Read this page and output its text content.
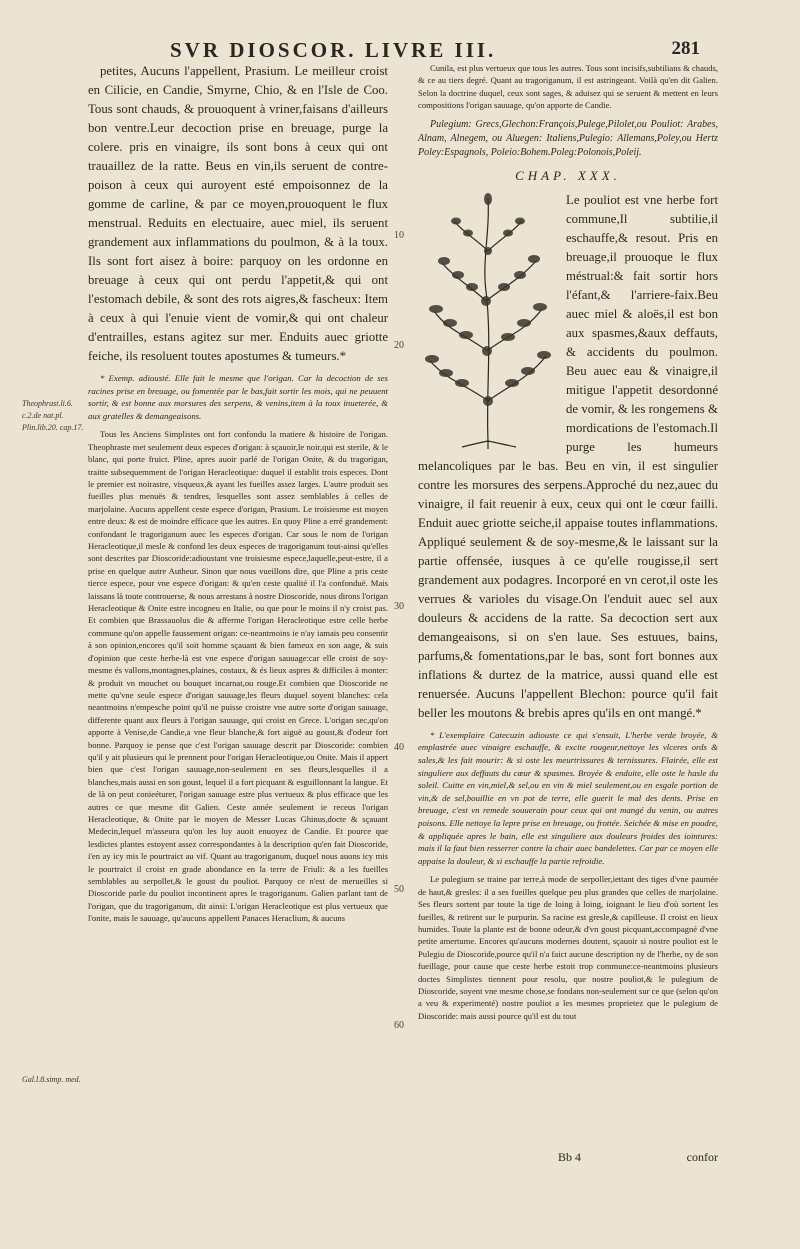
SVR DIOSCOR. LIVRE III.	281

petites, Aucuns l'appellent, Prasium. Le meilleur croist en Cilicie, en Candie, Smyrne, Chio, & en l'Isle de Coo. Tous sont chauds, & prouoquent à vriner,faisans d'ailleurs bon ventre.Leur decoction prise en breuage, purge la colere. pris en vinaigre, ils sont bons à ceux qui ont trauaillez de la ratte. Beus en vin,ils seruent de contre-poison à ceux qui auroyent esté empoisonnez de la gomme de carline, & par ce moyen,prouoquent le flux menstrual. Reduits en electuaire, auec miel, ils seruent grandement aux inflammations du poulmon, & à la toux. Ils sont fort aisez à boire: parquoy on les ordonne en breuage à ceux qui ont perdu l'appetit,& qui ont l'estomach debile, & sont des rots aigres,& fascheux: Item à ceux à qui l'enuie vient de vomir,& qui ont chaleur d'entrailles, estans agitez sur mer. Enduits auec griotte feiche, ils resoluent toutes apostumes & tumeurs.*

* Exemp. adiousté. Elle fait le mesme que l'origan. Car la decoction de ses racines prise en breuage, ou fomentée par le bas,fait sortir les mois, qui ne peuuent sortir, & est bonne aux morsures des serpens, & venins,item à la toux inueterée, & aux gratelles & demangeaisons.

Tous les Anciens Simplistes ont fort confondu la matiere & histoire de l'origan. Theophraste met seulement deux especes d'origan: à sçauoir,le noir,qui est sterile, & le blanc, qui porte fruict. Pline, apres auoir parlé de l'origan Onite, & du tragorigan, traitte subsequemment de l'origan Heracleotique: duquel il establit trois especes. Dont le premier est noirastre, visqueux,& ayant les fueilles assez larges. L'autre produit ses fueilles plus menuës & tendres, lesquelles sont assez semblables à celles de marjolaine. Aucuns appellent ceste espece d'origan, Prasium. Le troisiesme est moyen entre deux: & est de moindre efficace que les autres. En quoy Pline a erré grandement: confondant le tragoriganum auec les especes d'origan. Car sous le nom de l'origan Heracleotique,il mesle & confond les deux especes de tragoriganum tout-ainsi qu'elles sont descrites par Dioscoride:adioustant vne troisiesme espece,laquelle,peut-estre, il a prise en quelque autre Autheur. Sinon que nous vueillons dire, que Pline a pris ceste tierce espece, pour vne espece d'origan: & qu'en ceste qualité il l'a confonduë. Mais laissans là toute controuerse, & nous arrestans à nostre Dioscoride, nous dirons l'origan Heracleotique & Onite estre incogneu en Italie, ou que pour le moins il n'y croist pas. Et combien que Brassauolus die & afferme l'origan Heracleotique estre celle herbe commune qu'on appelle faussement origan: ce-neantmoins ie n'ay iamais peu consentir à son opinion,encores qu'il soit homme sçauant & bien fameux en son aage, & suis d'opinion que ceste herbe-là est vne espece d'origan sauuage:car elle croist de soy-mesme és vallons,montagnes,plaines, costaux, & és lieux aspres & difficiles à monter: & produit vn mouchet ou bouquet incarnat,ou rouge.Et combien que Dioscoride ne mette qu'vne seule espece d'origan sauuage,les fleurs duquel soyent blanches: cela neantmoins n'empesche point qu'il ne puisse croistre vne autre sorte d'origan sauuage, differente quant aux fleurs à l'origan sauuage, qui croist en Grece. L'origan sec,qu'on apporte à Venise,de Candie,a vne fleur blanche,& fort aiguë au goust,& d'odeur fort bonne. Parquoy ie pense que c'est l'origan sauuage descrit par Dioscoride: combien qu'il y ait plusieurs qui le prennent pour l'origan Heracleotique,ou Onite. Mais il appert bien que c'est l'origan sauuage,non-seulement en ses fleurs,lesquelles il a blanches,mais aussi en son goust, lequel il a fort picquant & esguillonnant la langue. Et de là on peut conieéturer, l'origan sauuage estre plus vertueux & plus efficace que les autres ce que mesme dit Galien. Ceste année seulement ie receus l'origan Heracleotique, & Onite par le moyen de Messer Lucas Ghinus,docte & sçauant Medecin,lequel m'asseura qu'on les luy auoit enuoyez de Candie. Et pource que lesdictes plantes estoyent assez correspondantes à la description qu'en fait Dioscoride, i'en ay icy mis le pourtraict au vif. Quant au tragoriganum, duquel nous auons icy mis le pourtraict il croist en grade abondance en la terre de Friuli: & a les fueilles semblables au serpollet,& le goust du pouliot. Parquoy ce n'est de merueilles si Dioscoride parle du pouliot incontinent apres le tragoriganum. Galien parlant tant de l'origan, que du tragoriganum, dit ainsi: L'origan Heracleotique est plus vertueux que l'onite, mais le sauuage, qu'aucuns appellent Panaces Heraclium, & aucuns

Cunila, est plus vertueux que tous les autres. Tous sont incisifs,subtilians & chauds, & ce au tiers degré. Quant au tragoriganum, il est astringeant. Voilà qu'en dit Galien. Selon la doctrine duquel, ceux sont sages, & aduisez qui se seruent & mettent en leurs compositions l'origan sauuage, qu'on apporte de Candie.

Pulegium: Grecs,Glechon:François,Pulege,Pilolet,ou Pouliot: Arabes, Alnam, Alnegem, ou Aluegen: Italiens,Pulegio: Allemans,Poley,ou Hertz Poley:Espagnols, Poleio:Bohem.Poleg:Polonois,Poleij.

CHAP. XXX.

Le pouliot est vne herbe fort commune,Il subtilie,il eschauffe,& resout. Pris en breuage,il prouoque le flux méstrual:& fait sortir hors l'éfant,& l'arriere-faix.Beu auec miel & aloës,il est bon aux spasmes,&aux deffauts, & accidents du poulmon. Beu auec eau & vinaigre,il mitigue l'appetit desordonné de vomir, & les rongemens & mordications de l'estomach.Il purge les humeurs melancoliques par le bas. Beu en vin, il est singulier contre les morsures des serpens.Approché du nez,auec du vinaigre, il fait reuenir à eux, ceux qui ont le cœur failli. Enduit auec griotte seiche,il appaise toutes inflammations. Appliqué seulement & de soy-mesme,& le laissant sur la partie offensée, iusques à ce qu'elle rougisse,il sert grandement aux podagres. Incorporé en vn cerot,il oste les verrues & varioles du visage.On l'enduit auec sel aux douleurs & accidens de la ratte. Sa decoction sert aux demangeaisons, si on s'en laue. Ses estuues, bains, parfums,& fomentations,par le bas, sont fort bonnes aux inflations & durtez de la matrice, aussi quand elle est renuersée. Aucuns l'appellent Blechon: pource qu'il fait beller les moutons & brebis apres qu'ils en ont mangé.*

* L'exemplaire Catecuzin adiouste ce qui s'ensuit, L'herbe verde broyée, & emplastrée auec vinaigre eschauffe, & excite rougeur,nettoye les vlceres ords & sales,& les fait mourir: & si oste les meurtrissures & ternissures. Flairée, elle est singuliere aux deffauts du cœur & spasmes. Broyée & enduite, elle oste le hasle du soleil. Cuitte en vin,miel,& sel,ou en vin & miel seulement,ou en esgale portion de vin,& de sel,bouillie en vn pot de terre, elle guerit le mal des dents. Prise en breuage, c'est vn remede souuerain pour ceux qui ont mangé du venin, ou autres poisons. Elle nettoye la lepre prise en breuage, ou frottée. Seichée & mise en poudre, & appliquée apres le bain, elle est singuliere aux douleurs froides des iointures: mais il la faut bien resserrer contre la chair auec bandelettes. Car par ce moyen elle appaise la douleur, & si eschauffe la partie refroidie.

Le pulegium se traine par terre,à mode de serpoller,iettant des tiges d'vne paumée de haut,& gresles: il a ses fueilles quelque peu plus grandes que celles de marjolaine. Ses fleurs sortent par toute la tige de loing à loing, ioignant le lieu d'où sortent les fueilles, & retirent sur le purpurin. Sa racine est gresle,& capilleuse. Il croist en lieux humides. Toute la plante est de bonne odeur,& d'vn goust picquant,accompagné d'vne petite amertume. Encores qu'aucuns modernes doutent, sçauoir si nostre pouliot est le Pulegiu de Dioscoride,pource qu'il n'a faict aucune description ny de l'herbe, ny de son fueillage, pour cause que ceste herbe estoit trop commune:ce-neantmoins plusieurs doctes Simplistes tiennent pour resolu, que nostre pouliot,& le pulegium de Dioscoride, soyent vne mesme chose,se fondans non-seulement sur ce que (selon qu'on a veu & experimenté) nostre pouliot a les mesmes proprietez que le pulegium de Dioscoride: mais aussi pource qu'il est du tout

Theophrast.li.6. c.2.de nat.pl. Plin.lib.20. cap.17.
Gal.l.8.simp. med.
10
20
30
40
50
60
Bb 4	confor
